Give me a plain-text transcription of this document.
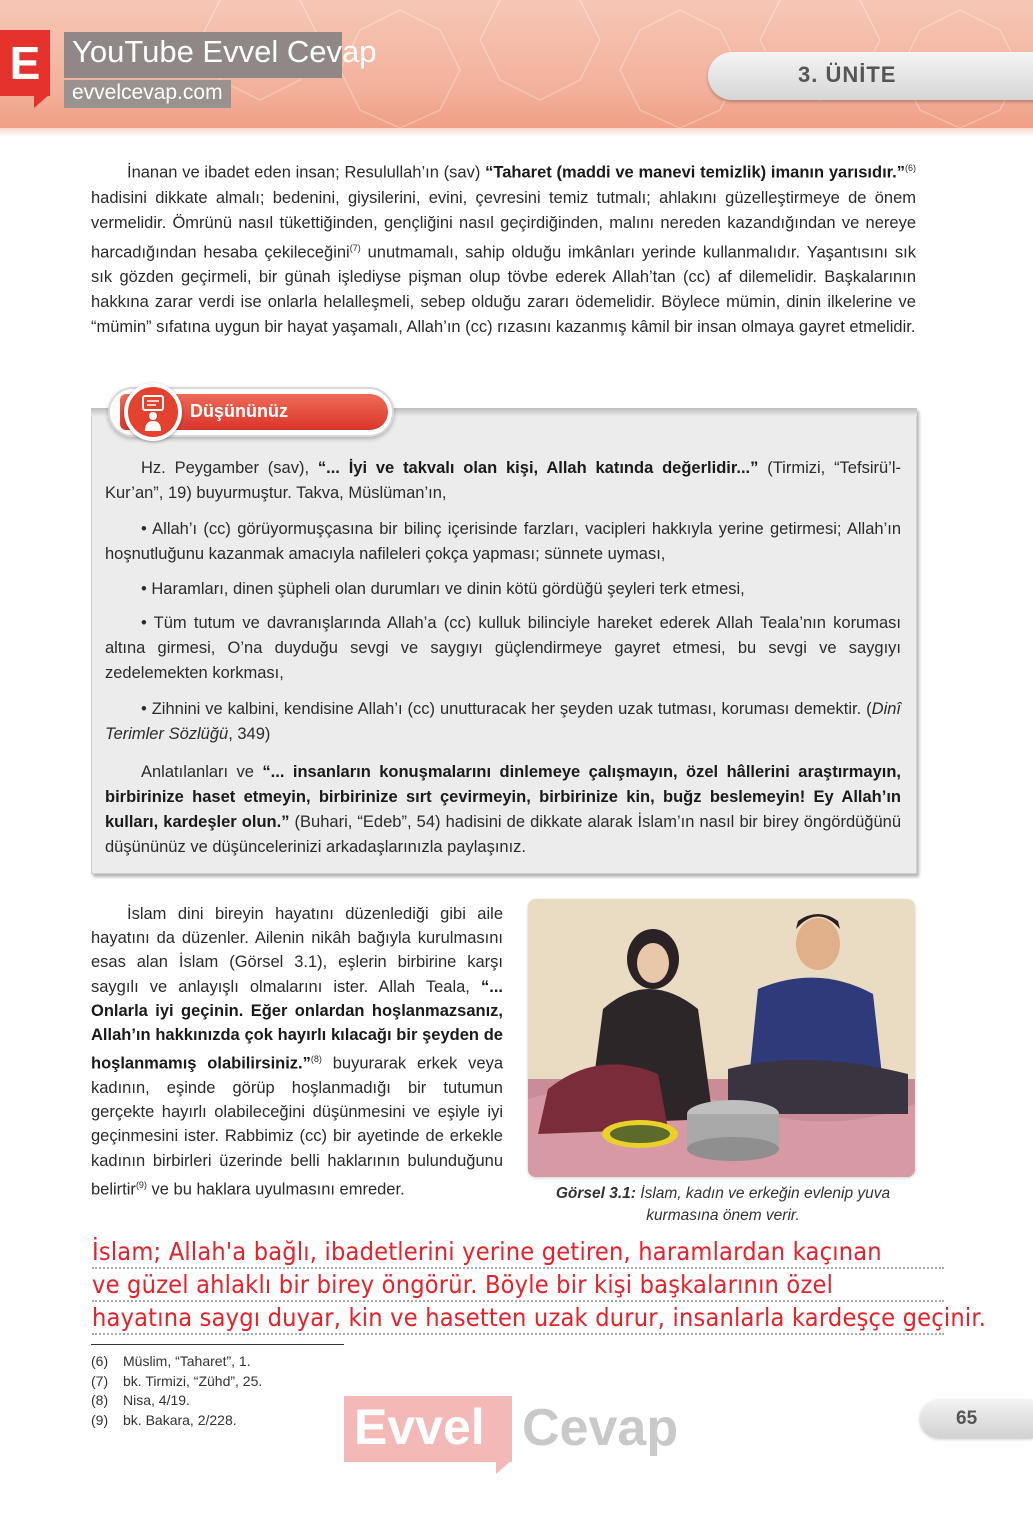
E	YouTube Evvel Cevap
evvelcevap.com
3. ÜNİTE

İnanan ve ibadet eden insan; Resulullah’ın (sav) “Taharet (maddi ve manevi temizlik) imanın yarısıdır.”$^{(6)}$ hadisini dikkate almalı; bedenini, giysilerini, evini, çevresini temiz tutmalı; ahlakını güzelleştirmeye de önem vermelidir. Ömrünü nasıl tükettiğinden, gençliğini nasıl geçirdiğinden, malını nereden kazandığından ve nereye harcadığından hesaba çekileceğini$^{(7)}$ unutmamalı, sahip olduğu imkânları yerinde kullanmalıdır. Yaşantısını sık sık gözden geçirmeli, bir günah işlediyse pişman olup tövbe ederek Allah’tan (cc) af dilemelidir. Başkalarının hakkına zarar verdi ise onlarla helalleşmeli, sebep olduğu zararı ödemelidir. Böylece mümin, dinin ilkelerine ve “mümin” sıfatına uygun bir hayat yaşamalı, Allah’ın (cc) rızasını kazanmış kâmil bir insan olmaya gayret etmelidir.

Düşününüz

Hz. Peygamber (sav), “... İyi ve takvalı olan kişi, Allah katında değerlidir...” (Tirmizi, “Tefsirü’l-Kur’an”, 19) buyurmuştur. Takva, Müslüman’ın,

• Allah’ı (cc) görüyormuşçasına bir bilinç içerisinde farzları, vacipleri hakkıyla yerine getirmesi; Allah’ın hoşnutluğunu kazanmak amacıyla nafileleri çokça yapması; sünnete uyması,

• Haramları, dinen şüpheli olan durumları ve dinin kötü gördüğü şeyleri terk etmesi,

• Tüm tutum ve davranışlarında Allah’a (cc) kulluk bilinciyle hareket ederek Allah Teala’nın koruması altına girmesi, O’na duyduğu sevgi ve saygıyı güçlendirmeye gayret etmesi, bu sevgi ve saygıyı zedelemekten korkması,

• Zihnini ve kalbini, kendisine Allah’ı (cc) unutturacak her şeyden uzak tutması, koruması demektir. (Dinî Terimler Sözlüğü, 349)

Anlatılanları ve “... insanların konuşmalarını dinlemeye çalışmayın, özel hâllerini araştırmayın, birbirinize haset etmeyin, birbirinize sırt çevirmeyin, birbirinize kin, buğz beslemeyin! Ey Allah’ın kulları, kardeşler olun.” (Buhari, “Edeb”, 54) hadisini de dikkate alarak İslam’ın nasıl bir birey öngördüğünü düşününüz ve düşüncelerinizi arkadaşlarınızla paylaşınız.

İslam dini bireyin hayatını düzenlediği gibi aile hayatını da düzenler. Ailenin nikâh bağıyla kurulmasını esas alan İslam (Görsel 3.1), eşlerin birbirine karşı saygılı ve anlayışlı olmalarını ister. Allah Teala, “... Onlarla iyi geçinin. Eğer onlardan hoşlanmazsanız, Allah’ın hakkınızda çok hayırlı kılacağı bir şeyden de hoşlanmamış olabilirsiniz.”$^{(8)}$ buyurarak erkek veya kadının, eşinde görüp hoşlanmadığı bir tutumun gerçekte hayırlı olabileceğini düşünmesini ve eşiyle iyi geçinmesini ister. Rabbimiz (cc) bir ayetinde de erkekle kadının birbirleri üzerinde belli haklarının bulunduğunu belirtir$^{(9)}$ ve bu haklara uyulmasını emreder.	Görsel 3.1: İslam, kadın ve erkeğin evlenip yuva kurmasına önem verir.

İslam; Allah'a bağlı, ibadetlerini yerine getiren, haramlardan kaçınan
ve güzel ahlaklı bir birey öngörür. Böyle bir kişi başkalarının özel
hayatına saygı duyar, kin ve hasetten uzak durur, insanlarla kardeşçe geçinir.
(6)	Müslim, “Taharet”, 1.
(7)	bk. Tirmizi, “Zühd”, 25.
(8)	Nisa, 4/19.
(9)	bk. Bakara, 2/228. Evvel Cevap	65
